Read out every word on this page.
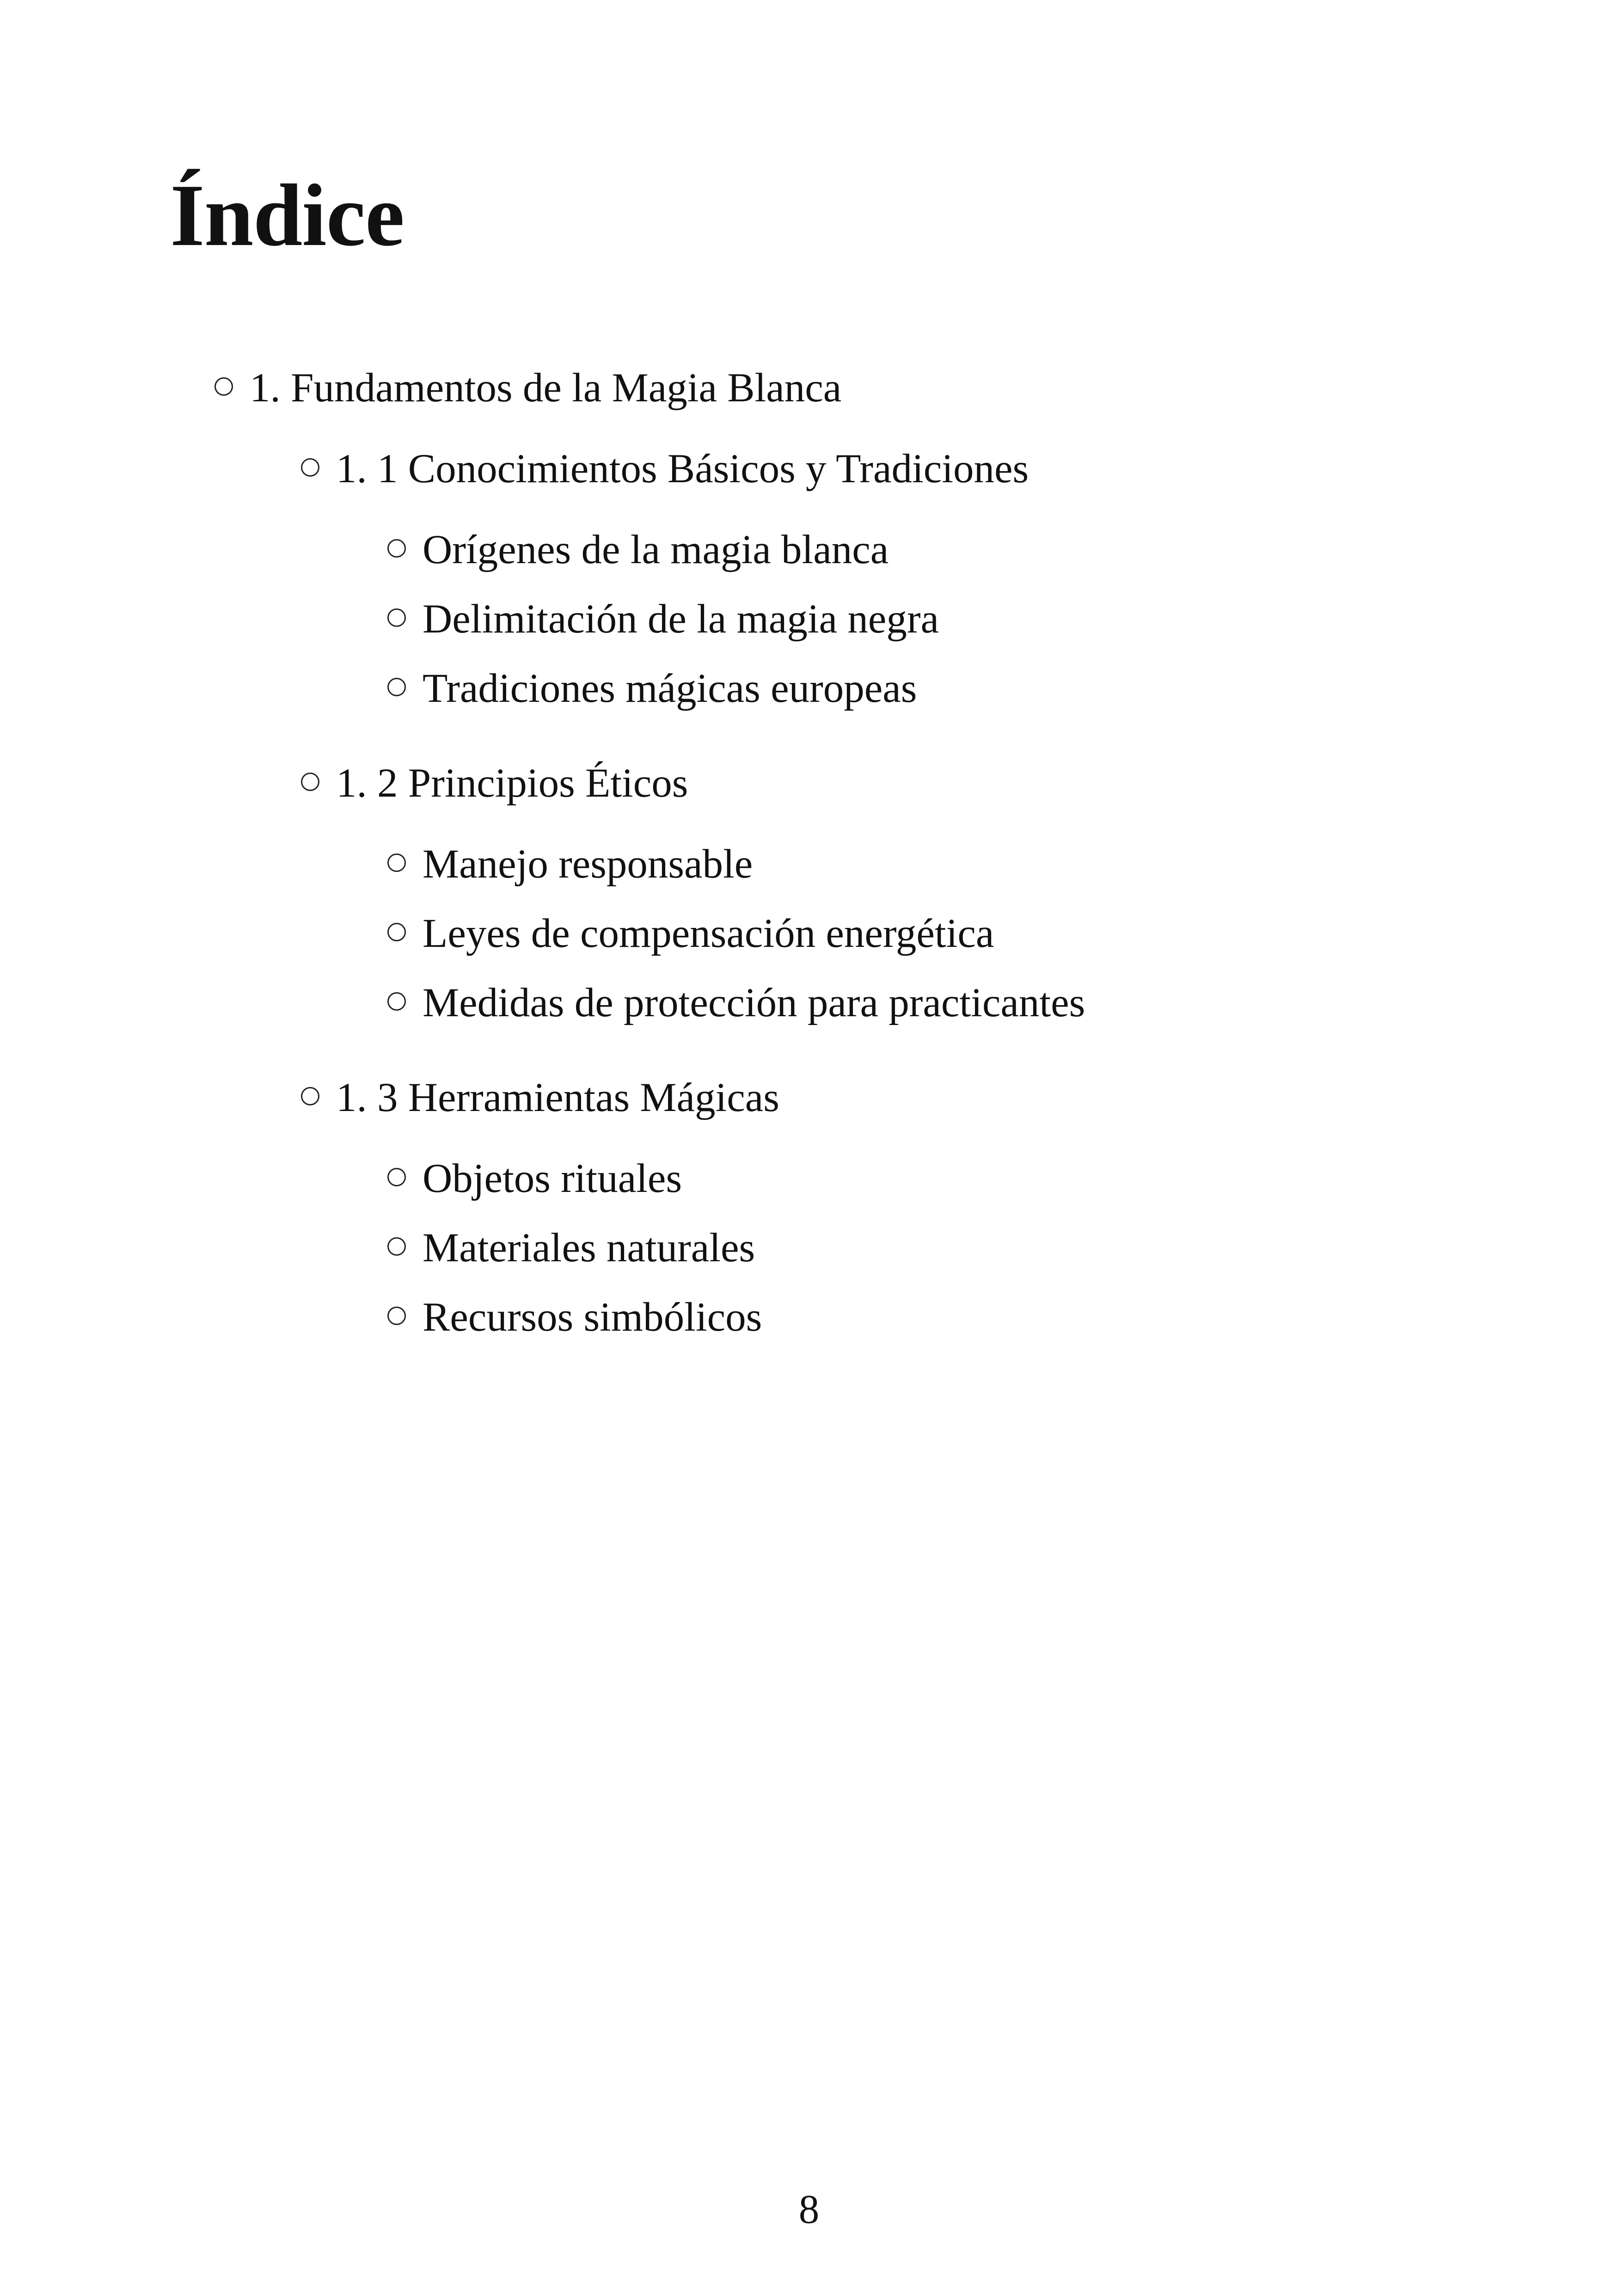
Índice
1. Fundamentos de la Magia Blanca
1. 1 Conocimientos Básicos y Tradiciones
Orígenes de la magia blanca
Delimitación de la magia negra
Tradiciones mágicas europeas
1. 2 Principios Éticos
Manejo responsable
Leyes de compensación energética
Medidas de protección para practicantes
1. 3 Herramientas Mágicas
Objetos rituales
Materiales naturales
Recursos simbólicos
8
